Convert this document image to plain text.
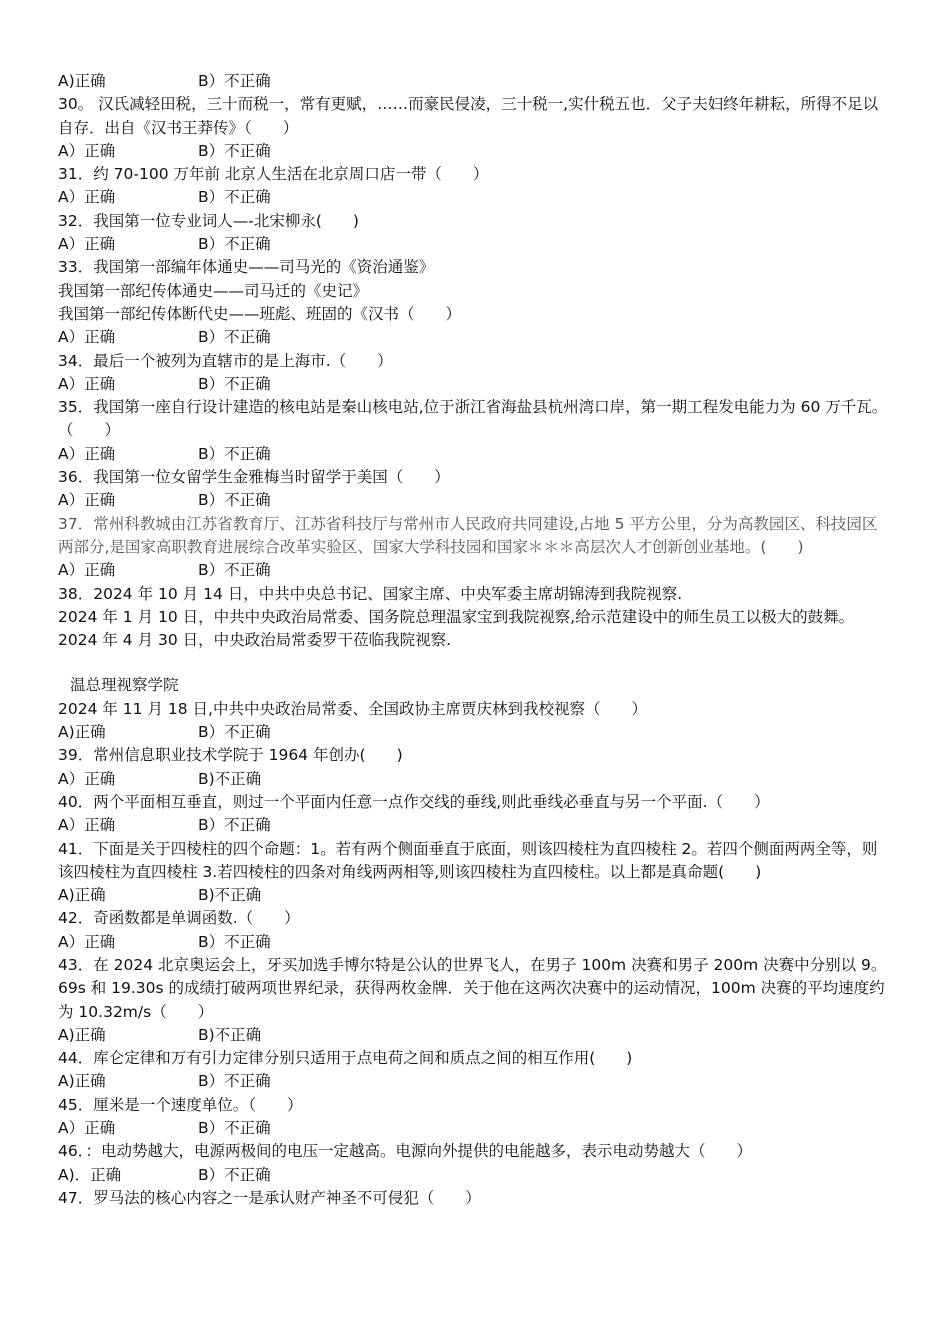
A)正确	B）不正确
30。 汉氏减轻田税，三十而税一，常有更赋，……而豪民侵凌，三十税一,实什税五也．父子夫妇终年耕耘，所得不足以自存．出自《汉书王莽传》（　　）
A）正确	B）不正确
31．约 70-100 万年前 北京人生活在北京周口店一带（　　）
A）正确	B）不正确
32．我国第一位专业词人—-北宋柳永(　　)
A）正确	B）不正确
33．我国第一部编年体通史——司马光的《资治通鉴》
我国第一部纪传体通史——司马迁的《史记》
我国第一部纪传体断代史——班彪、班固的《汉书（　　）
A）正确	B）不正确
34．最后一个被列为直辖市的是上海市.（　　）
A）正确	B）不正确
35．我国第一座自行设计建造的核电站是秦山核电站,位于浙江省海盐县杭州湾口岸，第一期工程发电能力为 60 万千瓦。（　　）
A）正确	B）不正确
36．我国第一位女留学生金雅梅当时留学于美国（　　）
A）正确	B）不正确
37．常州科教城由江苏省教育厅、江苏省科技厅与常州市人民政府共同建设,占地 5 平方公里，分为高教园区、科技园区两部分,是国家高职教育进展综合改革实验区、国家大学科技园和国家＊＊＊高层次人才创新创业基地。(　　)
A）正确	B）不正确
38．2024 年 10 月 14 日，中共中央总书记、国家主席、中央军委主席胡锦涛到我院视察.
2024 年 1 月 10 日，中共中央政治局常委、国务院总理温家宝到我院视察,给示范建设中的师生员工以极大的鼓舞。
2024 年 4 月 30 日，中央政治局常委罗干莅临我院视察.
温总理视察学院
2024 年 11 月 18 日,中共中央政治局常委、全国政协主席贾庆林到我校视察（　　）
A)正确	B）不正确
39．常州信息职业技术学院于 1964 年创办(　　)
A）正确	B)不正确
40．两个平面相互垂直，则过一个平面内任意一点作交线的垂线,则此垂线必垂直与另一个平面.（　　）
A）正确	B）不正确
41．下面是关于四棱柱的四个命题：1。若有两个侧面垂直于底面，则该四棱柱为直四棱柱 2。若四个侧面两两全等，则该四棱柱为直四棱柱 3.若四棱柱的四条对角线两两相等,则该四棱柱为直四棱柱。以上都是真命题(　　)
A)正确	B)不正确
42．奇函数都是单调函数.（　　）
A）正确	B）不正确
43．在 2024 北京奥运会上，牙买加选手博尔特是公认的世界飞人，在男子 100m 决赛和男子 200m 决赛中分别以 9。69s 和 19.30s 的成绩打破两项世界纪录，获得两枚金牌．关于他在这两次决赛中的运动情况，100m 决赛的平均速度约为 10.32m/s（　　）
A)正确	B)不正确
44．库仑定律和万有引力定律分别只适用于点电荷之间和质点之间的相互作用(　　)
A)正确	B）不正确
45．厘米是一个速度单位。（　　）
A）正确	B）不正确
46．：电动势越大，电源两极间的电压一定越高。电源向外提供的电能越多，表示电动势越大（　　）
A)．正确	B）不正确
47．罗马法的核心内容之一是承认财产神圣不可侵犯（　　）
